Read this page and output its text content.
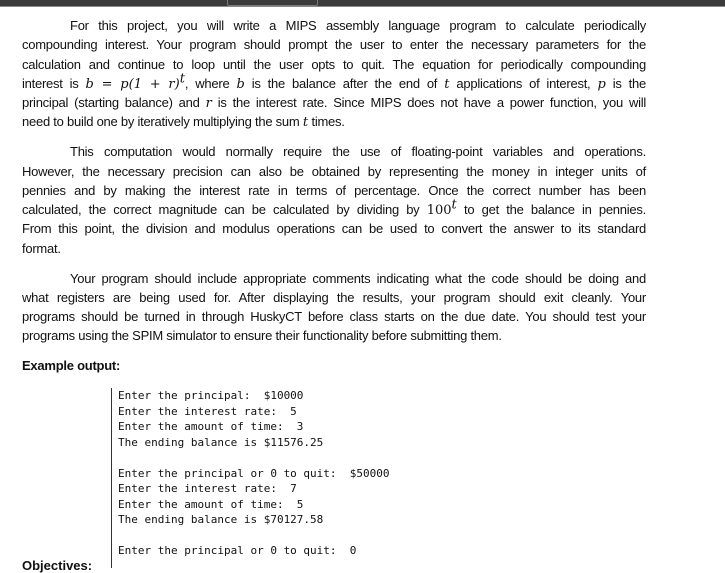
For this project, you will write a MIPS assembly language program to calculate periodically
compounding interest. Your program should prompt the user to enter the necessary parameters for the
calculation and continue to loop until the user opts to quit. The equation for periodically compounding
interest is $b = p(1 + r)^t$, where b is the balance after the end of t applications of interest, p is the
principal (starting balance) and r is the interest rate. Since MIPS does not have a power function, you will
need to build one by iteratively multiplying the sum t times.
This computation would normally require the use of floating-point variables and operations.
However, the necessary precision can also be obtained by representing the money in integer units of
pennies and by making the interest rate in terms of percentage. Once the correct number has been
calculated, the correct magnitude can be calculated by dividing by 100$^t$ to get the balance in pennies.
From this point, the division and modulus operations can be used to convert the answer to its standard
format.
Your program should include appropriate comments indicating what the code should be doing and
what registers are being used for. After displaying the results, your program should exit cleanly. Your
programs should be turned in through HuskyCT before class starts on the due date. You should test your
programs using the SPIM simulator to ensure their functionality before submitting them.
Example output:
Enter the principal:  $10000
Enter the interest rate:  5
Enter the amount of time:  3
The ending balance is $11576.25
Enter the principal or 0 to quit:  $50000
Enter the interest rate:  7
Enter the amount of time:  5
The ending balance is $70127.58
Enter the principal or 0 to quit:  0
Objectives:
